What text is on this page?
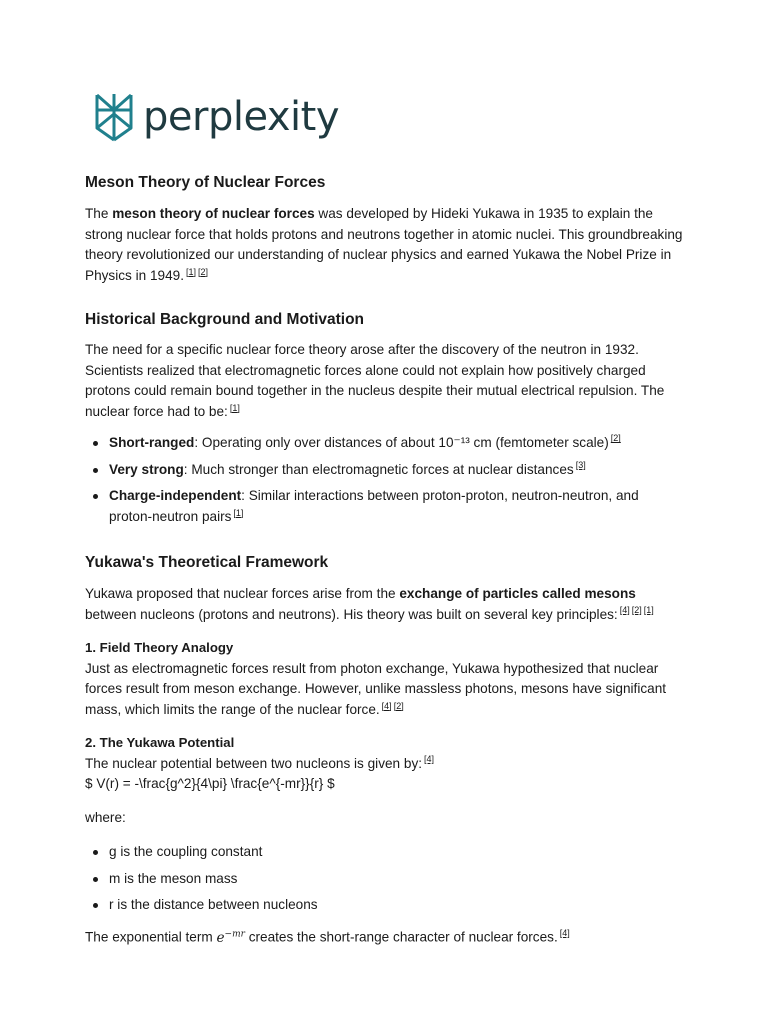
perplexity
Meson Theory of Nuclear Forces

The meson theory of nuclear forces was developed by Hideki Yukawa in 1935 to explain the strong nuclear force that holds protons and neutrons together in atomic nuclei. This groundbreaking theory revolutionized our understanding of nuclear physics and earned Yukawa the Nobel Prize in Physics in 1949. [1] [2]

Historical Background and Motivation

The need for a specific nuclear force theory arose after the discovery of the neutron in 1932. Scientists realized that electromagnetic forces alone could not explain how positively charged protons could remain bound together in the nucleus despite their mutual electrical repulsion. The nuclear force had to be: [1]

Short-ranged: Operating only over distances of about 10⁻¹³ cm (femtometer scale) [2]
Very strong: Much stronger than electromagnetic forces at nuclear distances [3]
Charge-independent: Similar interactions between proton-proton, neutron-neutron, and proton-neutron pairs [1]
Yukawa's Theoretical Framework

Yukawa proposed that nuclear forces arise from the exchange of particles called mesons between nucleons (protons and neutrons). His theory was built on several key principles: [4] [2] [1]

1. Field Theory Analogy
Just as electromagnetic forces result from photon exchange, Yukawa hypothesized that nuclear forces result from meson exchange. However, unlike massless photons, mesons have significant mass, which limits the range of the nuclear force. [4] [2]

2. The Yukawa Potential
The nuclear potential between two nucleons is given by: [4]
$ V(r) = -\frac{g^2}{4\pi} \frac{e^{-mr}}{r} $

where:

g is the coupling constant
m is the meson mass
r is the distance between nucleons

The exponential term $e^{-mr}$ creates the short-range character of nuclear forces. [4]
